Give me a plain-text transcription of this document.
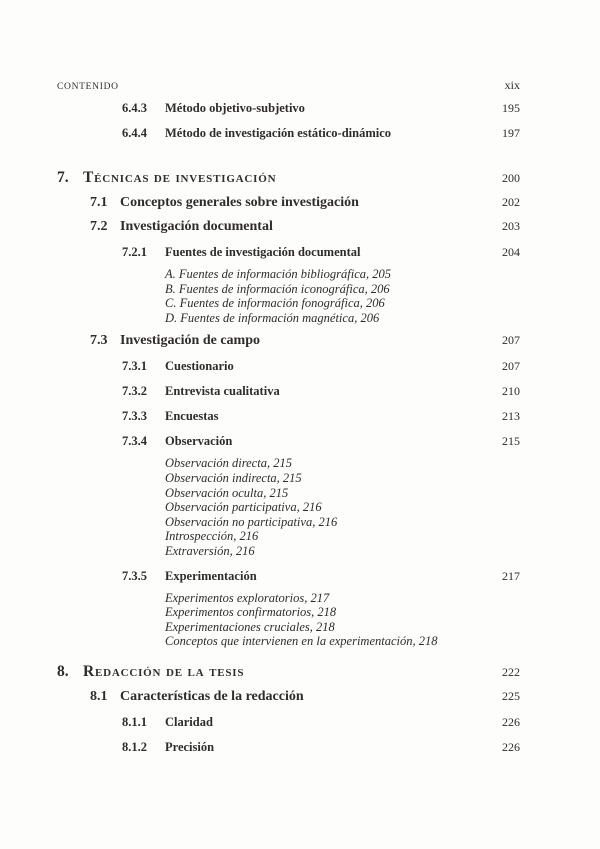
CONTENIDO	xix
6.4.3	Método objetivo-subjetivo	195
6.4.4	Método de investigación estático-dinámico	197
7. Técnicas de investigación	200
7.1 Conceptos generales sobre investigación	202
7.2 Investigación documental	203
7.2.1	Fuentes de investigación documental	204
A. Fuentes de información bibliográfica, 205
B. Fuentes de información iconográfica, 206
C. Fuentes de información fonográfica, 206
D. Fuentes de información magnética, 206
7.3 Investigación de campo	207
7.3.1	Cuestionario	207
7.3.2	Entrevista cualitativa	210
7.3.3	Encuestas	213
7.3.4	Observación	215
Observación directa, 215
Observación indirecta, 215
Observación oculta, 215
Observación participativa, 216
Observación no participativa, 216
Introspección, 216
Extraversión, 216
7.3.5	Experimentación	217
Experimentos exploratorios, 217
Experimentos confirmatorios, 218
Experimentaciones cruciales, 218
Conceptos que intervienen en la experimentación, 218
8. Redacción de la tesis	222
8.1 Características de la redacción	225
8.1.1	Claridad	226
8.1.2	Precisión	226
